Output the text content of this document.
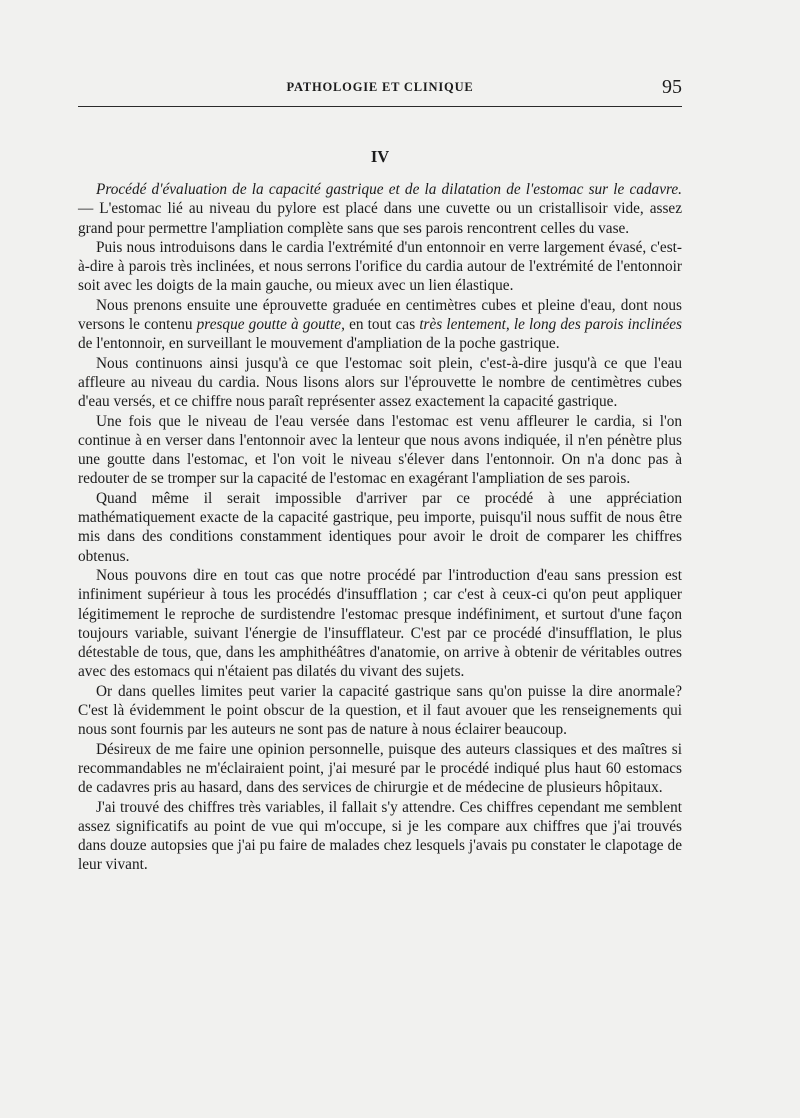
PATHOLOGIE ET CLINIQUE	95
IV

Procédé d'évaluation de la capacité gastrique et de la dilatation de l'estomac sur le cadavre. — L'estomac lié au niveau du pylore est placé dans une cuvette ou un cristallisoir vide, assez grand pour permettre l'ampliation complète sans que ses parois rencontrent celles du vase.

Puis nous introduisons dans le cardia l'extrémité d'un entonnoir en verre largement évasé, c'est-à-dire à parois très inclinées, et nous serrons l'orifice du cardia autour de l'extrémité de l'entonnoir soit avec les doigts de la main gauche, ou mieux avec un lien élastique.

Nous prenons ensuite une éprouvette graduée en centimètres cubes et pleine d'eau, dont nous versons le contenu presque goutte à goutte, en tout cas très lentement, le long des parois inclinées de l'entonnoir, en surveillant le mouvement d'ampliation de la poche gastrique.

Nous continuons ainsi jusqu'à ce que l'estomac soit plein, c'est-à-dire jusqu'à ce que l'eau affleure au niveau du cardia. Nous lisons alors sur l'éprouvette le nombre de centimètres cubes d'eau versés, et ce chiffre nous paraît représenter assez exactement la capacité gastrique.

Une fois que le niveau de l'eau versée dans l'estomac est venu affleurer le cardia, si l'on continue à en verser dans l'entonnoir avec la lenteur que nous avons indiquée, il n'en pénètre plus une goutte dans l'estomac, et l'on voit le niveau s'élever dans l'entonnoir. On n'a donc pas à redouter de se tromper sur la capacité de l'estomac en exagérant l'ampliation de ses parois.

Quand même il serait impossible d'arriver par ce procédé à une appréciation mathématiquement exacte de la capacité gastrique, peu importe, puisqu'il nous suffit de nous être mis dans des conditions constamment identiques pour avoir le droit de comparer les chiffres obtenus.

Nous pouvons dire en tout cas que notre procédé par l'introduction d'eau sans pression est infiniment supérieur à tous les procédés d'insufflation ; car c'est à ceux-ci qu'on peut appliquer légitimement le reproche de surdistendre l'estomac presque indéfiniment, et surtout d'une façon toujours variable, suivant l'énergie de l'insufflateur. C'est par ce procédé d'insufflation, le plus détestable de tous, que, dans les amphithéâtres d'anatomie, on arrive à obtenir de véritables outres avec des estomacs qui n'étaient pas dilatés du vivant des sujets.

Or dans quelles limites peut varier la capacité gastrique sans qu'on puisse la dire anormale? C'est là évidemment le point obscur de la question, et il faut avouer que les renseignements qui nous sont fournis par les auteurs ne sont pas de nature à nous éclairer beaucoup.

Désireux de me faire une opinion personnelle, puisque des auteurs classiques et des maîtres si recommandables ne m'éclairaient point, j'ai mesuré par le procédé indiqué plus haut 60 estomacs de cadavres pris au hasard, dans des services de chirurgie et de médecine de plusieurs hôpitaux.

J'ai trouvé des chiffres très variables, il fallait s'y attendre. Ces chiffres cependant me semblent assez significatifs au point de vue qui m'occupe, si je les compare aux chiffres que j'ai trouvés dans douze autopsies que j'ai pu faire de malades chez lesquels j'avais pu constater le clapotage de leur vivant.
